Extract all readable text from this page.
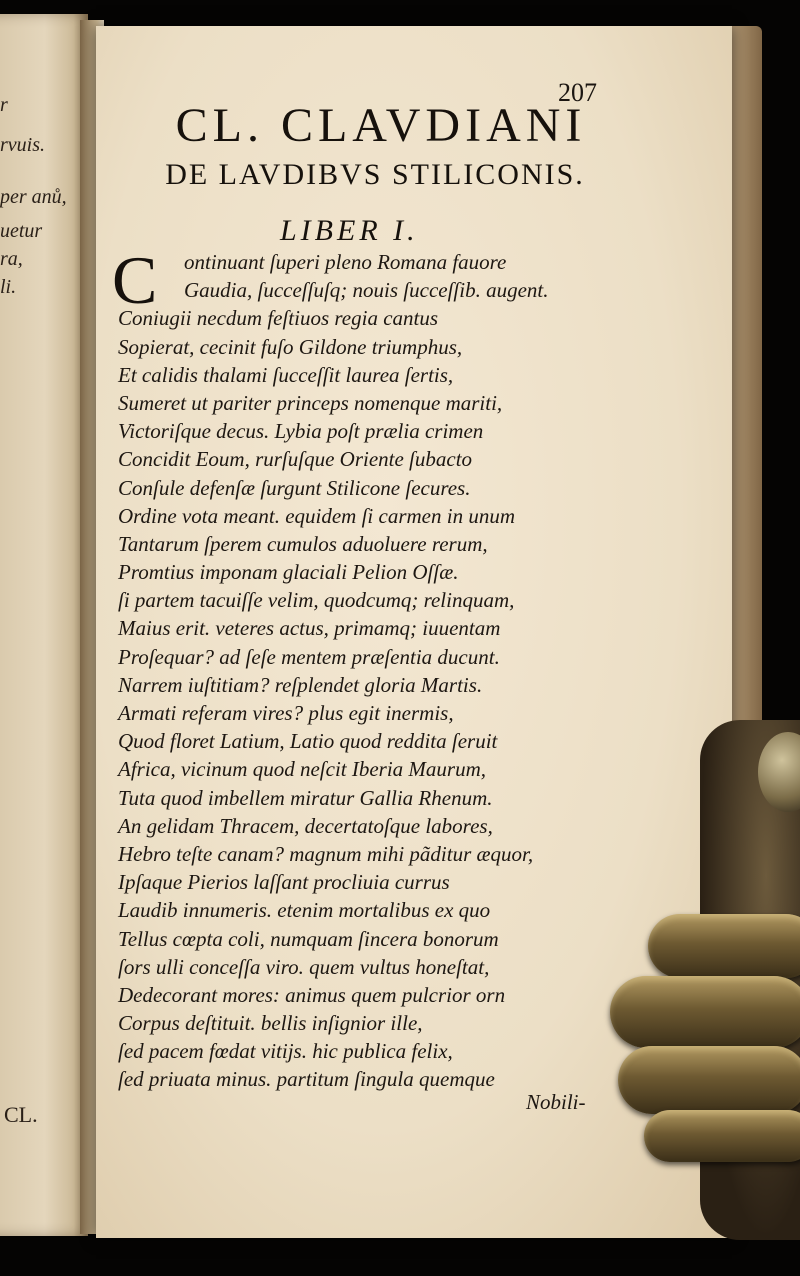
r
rvuis.
per anů,
uetur
ra,
li.
CL.
207
CL. CLAVDIANI
DE LAVDIBVS STILICONIS.
LIBER I.
C	ontinuant ſuperi pleno Romana fauore
Gaudia, ſucceſſuſq; nouis ſucceſſib. augent.
Coniugii necdum feſtiuos regia cantus
Sopierat, cecinit fuſo Gildone triumphus,
Et calidis thalami ſucceſſit laurea ſertis,
Sumeret ut pariter princeps nomenque mariti,
Victoriſque decus. Lybia poſt prælia crimen
Concidit Eoum, rurſuſque Oriente ſubacto
Conſule defenſæ ſurgunt Stilicone ſecures.
Ordine vota meant. equidem ſi carmen in unum
Tantarum ſperem cumulos aduoluere rerum,
Promtius imponam glaciali Pelion Oſſæ.
ſi partem tacuiſſe velim, quodcumq; relinquam,
Maius erit. veteres actus, primamq; iuuentam
Proſequar? ad ſeſe mentem præſentia ducunt.
Narrem iuſtitiam? reſplendet gloria Martis.
Armati referam vires? plus egit inermis,
Quod floret Latium, Latio quod reddita ſeruit
Africa, vicinum quod neſcit Iberia Maurum,
Tuta quod imbellem miratur Gallia Rhenum.
An gelidam Thracem, decertatoſque labores,
Hebro teſte canam? magnum mihi pãditur æquor,
Ipſaque Pierios laſſant procliuia currus
Laudib innumeris. etenim mortalibus ex quo
Tellus cœpta coli, numquam ſincera bonorum
ſors ulli conceſſa viro. quem vultus honeſtat,
Dedecorant mores: animus quem pulcrior orn
Corpus deſtituit. bellis inſignior ille,
ſed pacem fœdat vitijs. hic publica felix,
ſed priuata minus. partitum ſingula quemque
Nobili-
